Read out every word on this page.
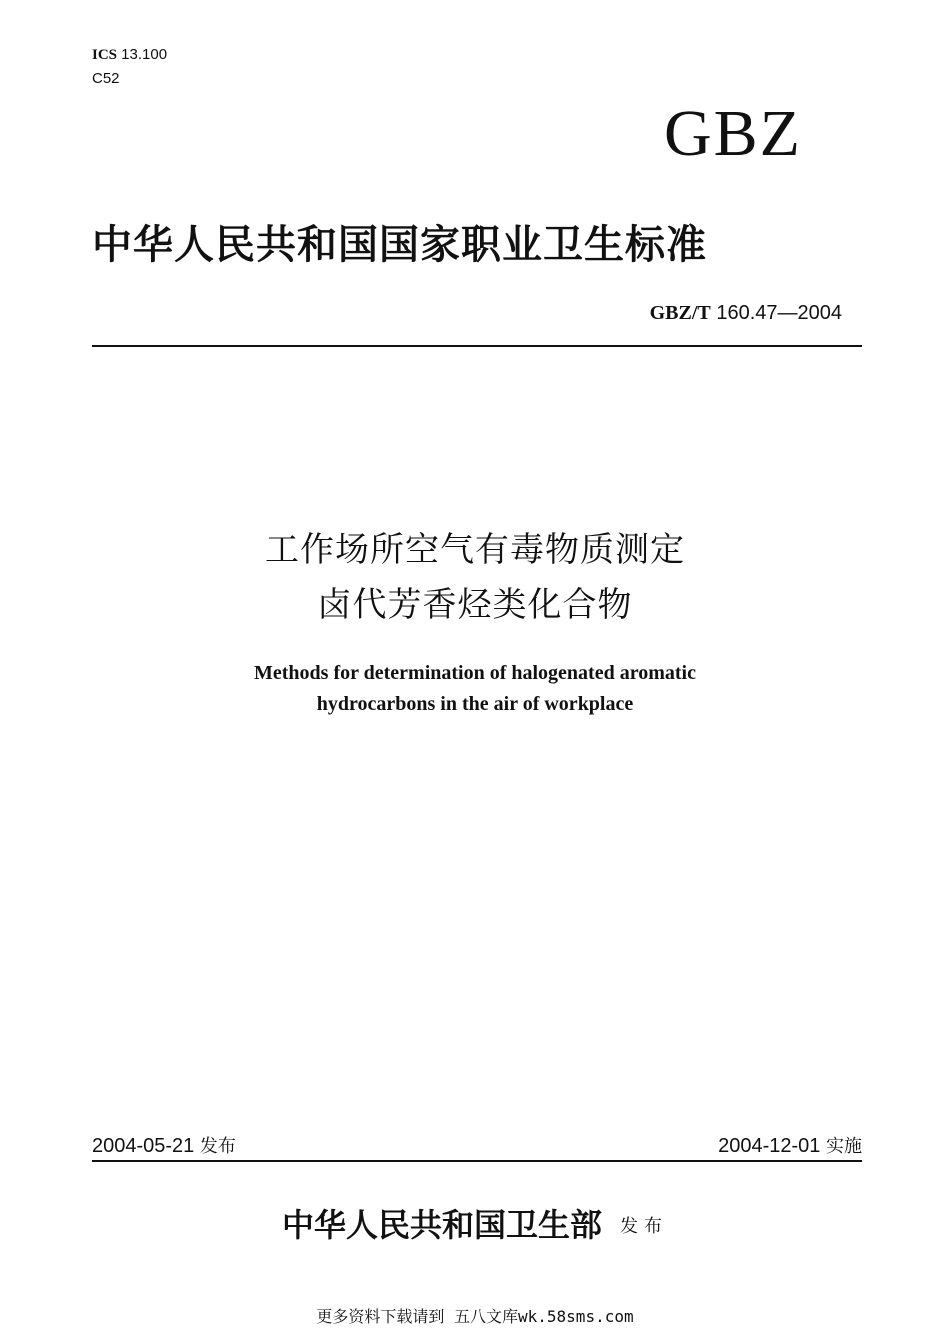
ICS 13.100
C52
GBZ
中华人民共和国国家职业卫生标准
GBZ/T 160.47—2004
工作场所空气有毒物质测定
卤代芳香烃类化合物
Methods for determination of halogenated aromatic
hydrocarbons in the air of workplace
2004-05-21 发布	2004-12-01 实施
中华人民共和国卫生部 发布
更多资料下载请到 五八文库wk.58sms.com
